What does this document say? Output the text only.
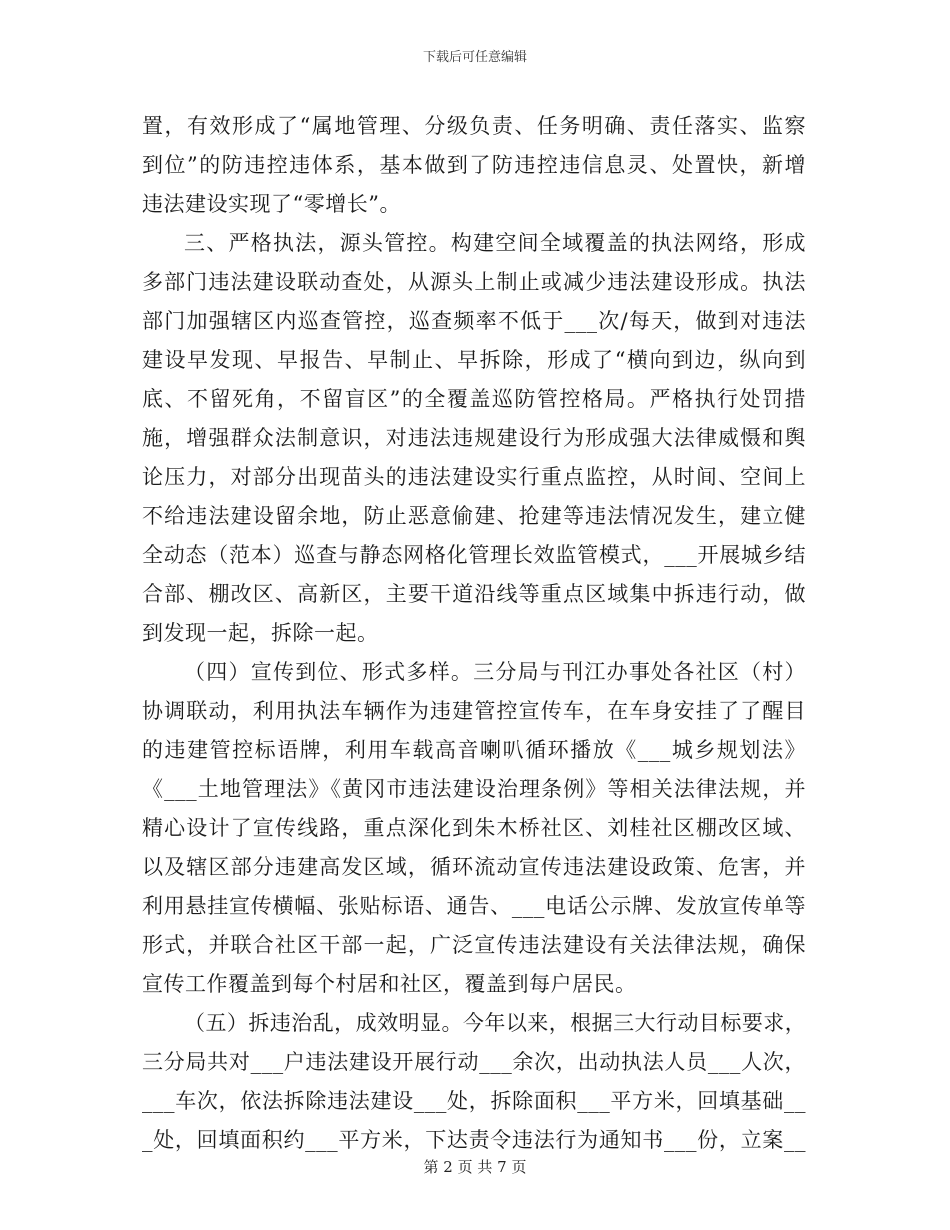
下载后可任意编辑
置，有效形成了“属地管理、分级负责、任务明确、责任落实、监察
到位”的防违控违体系，基本做到了防违控违信息灵、处置快，新增
违法建设实现了“零增长”。
三、严格执法，源头管控。构建空间全域覆盖的执法网络，形成
多部门违法建设联动查处，从源头上制止或减少违法建设形成。执法
部门加强辖区内巡查管控，巡查频率不低于___次/每天，做到对违法
建设早发现、早报告、早制止、早拆除，形成了“横向到边，纵向到
底、不留死角，不留盲区”的全覆盖巡防管控格局。严格执行处罚措
施，增强群众法制意识，对违法违规建设行为形成强大法律威慑和舆
论压力，对部分出现苗头的违法建设实行重点监控，从时间、空间上
不给违法建设留余地，防止恶意偷建、抢建等违法情况发生，建立健
全动态（范本）巡查与静态网格化管理长效监管模式，___开展城乡结
合部、棚改区、高新区，主要干道沿线等重点区域集中拆违行动，做
到发现一起，拆除一起。
（四）宣传到位、形式多样。三分局与刊江办事处各社区（村）
协调联动，利用执法车辆作为违建管控宣传车，在车身安挂了了醒目
的违建管控标语牌，利用车载高音喇叭循环播放《___城乡规划法》
《___土地管理法》《黄冈市违法建设治理条例》等相关法律法规，并
精心设计了宣传线路，重点深化到朱木桥社区、刘桂社区棚改区域、
以及辖区部分违建高发区域，循环流动宣传违法建设政策、危害，并
利用悬挂宣传横幅、张贴标语、通告、___电话公示牌、发放宣传单等
形式，并联合社区干部一起，广泛宣传违法建设有关法律法规，确保
宣传工作覆盖到每个村居和社区，覆盖到每户居民。
（五）拆违治乱，成效明显。今年以来，根据三大行动目标要求，
三分局共对___户违法建设开展行动___余次，出动执法人员___人次，
___车次，依法拆除违法建设___处，拆除面积___平方米，回填基础__
_处，回填面积约___平方米，下达责令违法行为通知书___份，立案__
第 2 页 共 7 页
